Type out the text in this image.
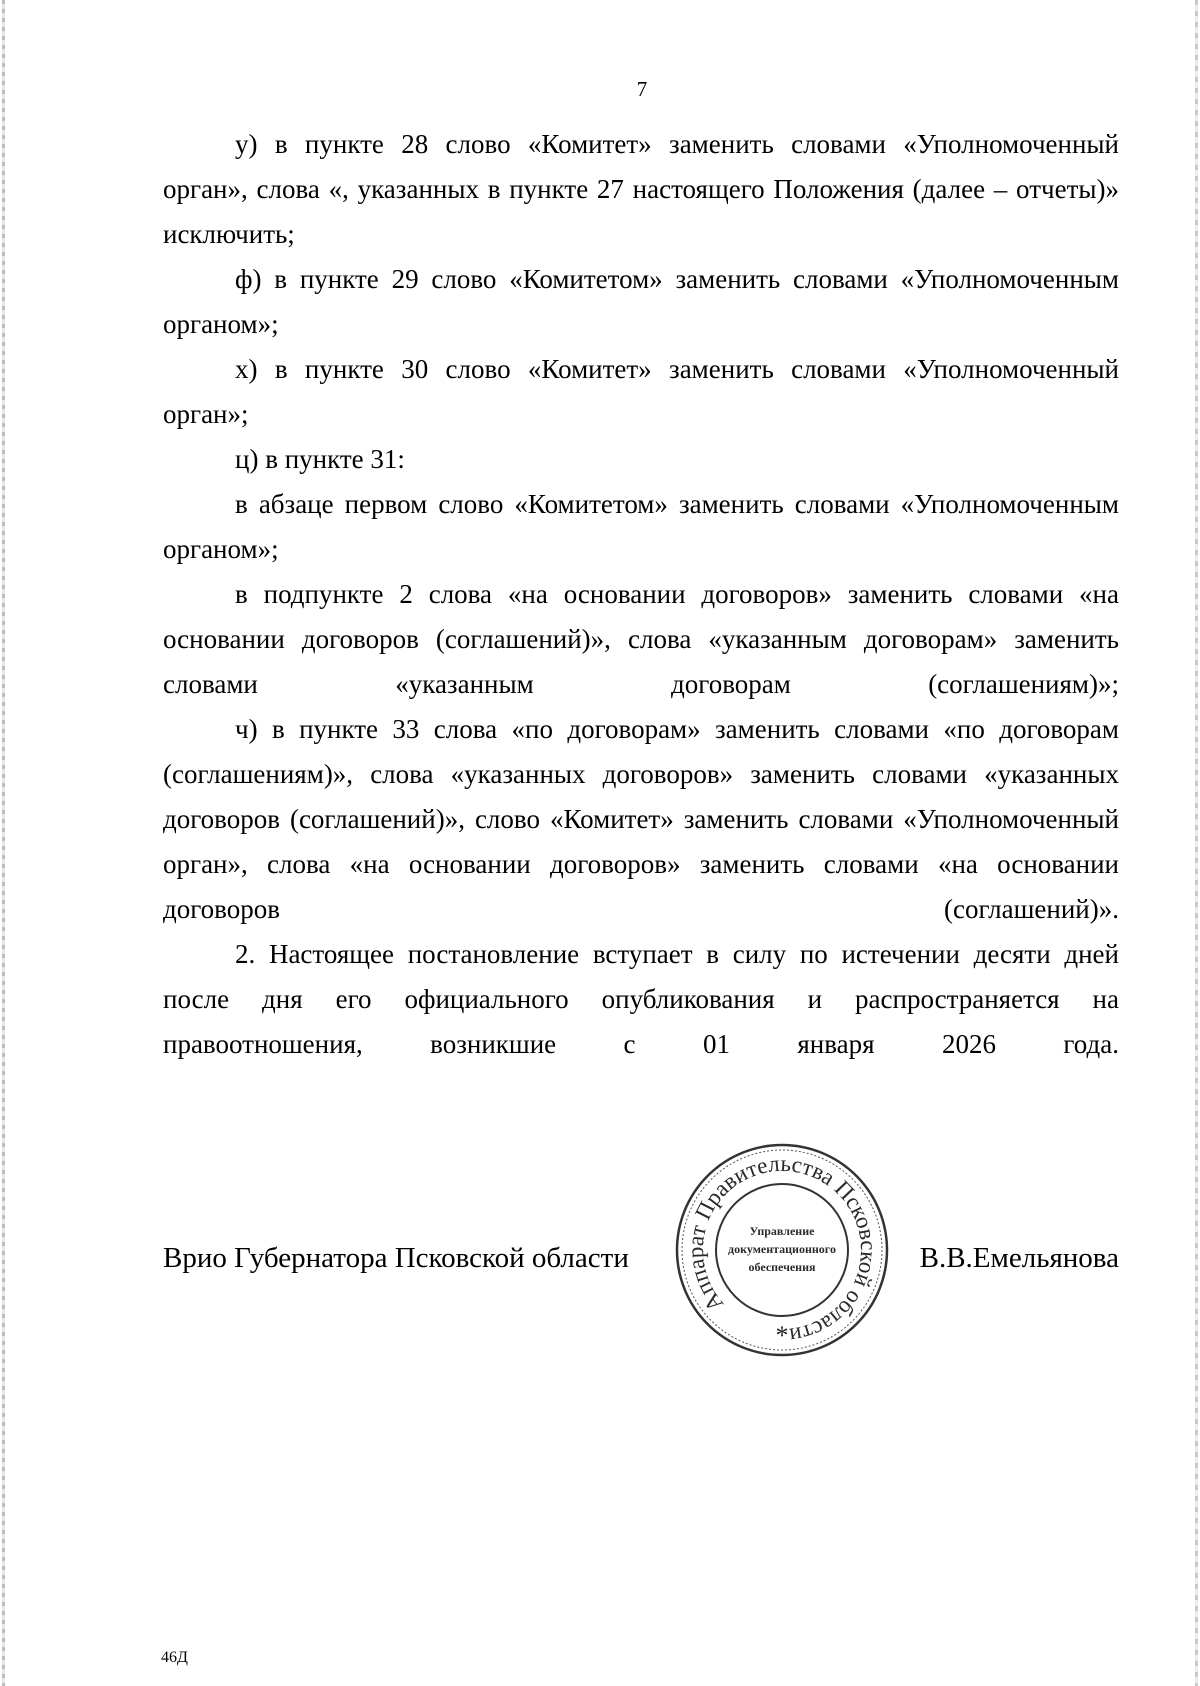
7

у) в пункте 28 слово «Комитет» заменить словами «Уполномоченный орган», слова «, указанных в пункте 27 настоящего Положения (далее – отчеты)» исключить;

ф) в пункте 29 слово «Комитетом» заменить словами «Уполномоченным органом»;

х) в пункте 30 слово «Комитет» заменить словами «Уполномоченный орган»;

ц) в пункте 31:

в абзаце первом слово «Комитетом» заменить словами «Уполномоченным органом»;

в подпункте 2 слова «на основании договоров» заменить словами «на основании договоров (соглашений)», слова «указанным договорам» заменить словами «указанным договорам (соглашениям)»;

ч) в пункте 33 слова «по договорам» заменить словами «по договорам (соглашениям)», слова «указанных договоров» заменить словами «указанных договоров (соглашений)», слово «Комитет» заменить словами «Уполномоченный орган», слова «на основании договоров» заменить словами «на основании договоров (соглашений)».

2. Настоящее постановление вступает в силу по истечении десяти дней после дня его официального опубликования и распространяется на правоотношения, возникшие с 01 января 2026 года.

Врио Губернатора Псковской области	В.В.Емельянова
Аппарат Правительства Псковской области
Управление
документационного
обеспечения
*
46Д
